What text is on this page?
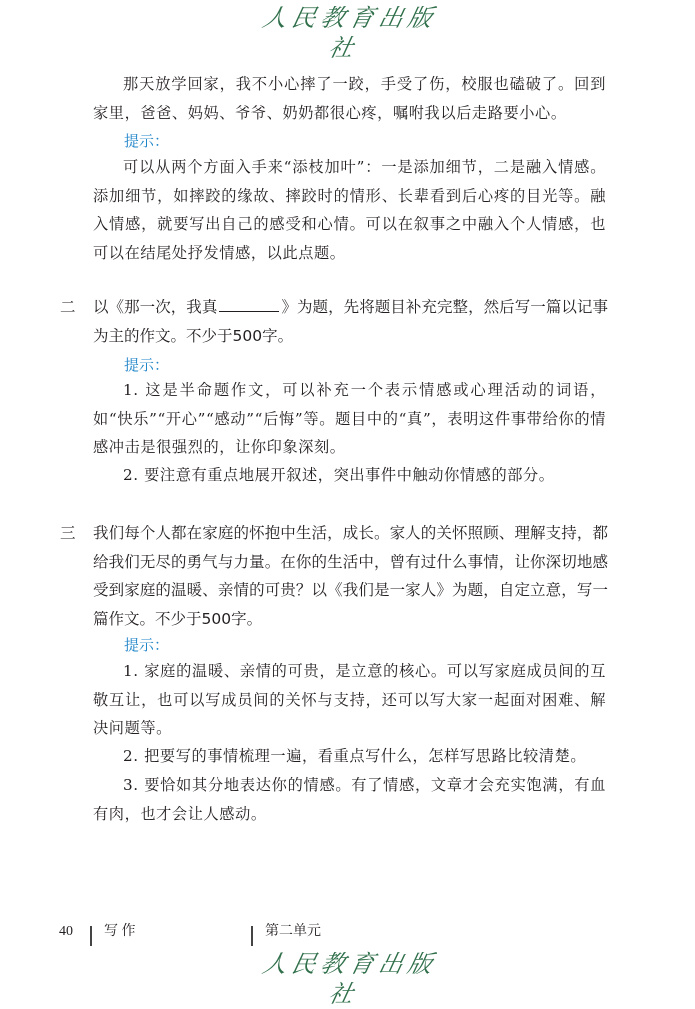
人民教育出版社

那天放学回家，我不小心摔了一跤，手受了伤，校服也磕破了。回到家里，爸爸、妈妈、爷爷、奶奶都很心疼，嘱咐我以后走路要小心。

提示：

可以从两个方面入手来“添枝加叶”：一是添加细节，二是融入情感。添加细节，如摔跤的缘故、摔跤时的情形、长辈看到后心疼的目光等。融入情感，就要写出自己的感受和心情。可以在叙事之中融入个人情感，也可以在结尾处抒发情感，以此点题。

二 以《那一次，我真	》为题，先将题目补充完整，然后写一篇以记事为主的作文。不少于500字。

提示：

1. 这是半命题作文，可以补充一个表示情感或心理活动的词语，如“快乐”“开心”“感动”“后悔”等。题目中的“真”，表明这件事带给你的情感冲击是很强烈的，让你印象深刻。

2. 要注意有重点地展开叙述，突出事件中触动你情感的部分。

三 我们每个人都在家庭的怀抱中生活，成长。家人的关怀照顾、理解支持，都给我们无尽的勇气与力量。在你的生活中，曾有过什么事情，让你深切地感受到家庭的温暖、亲情的可贵？以《我们是一家人》为题，自定立意，写一篇作文。不少于500字。

提示：

1. 家庭的温暖、亲情的可贵，是立意的核心。可以写家庭成员间的互敬互让，也可以写成员间的关怀与支持，还可以写大家一起面对困难、解决问题等。

2. 把要写的事情梳理一遍，看重点写什么，怎样写思路比较清楚。

3. 要恰如其分地表达你的情感。有了情感，文章才会充实饱满，有血有肉，也才会让人感动。

40 写 作	第二单元
人民教育出版社
